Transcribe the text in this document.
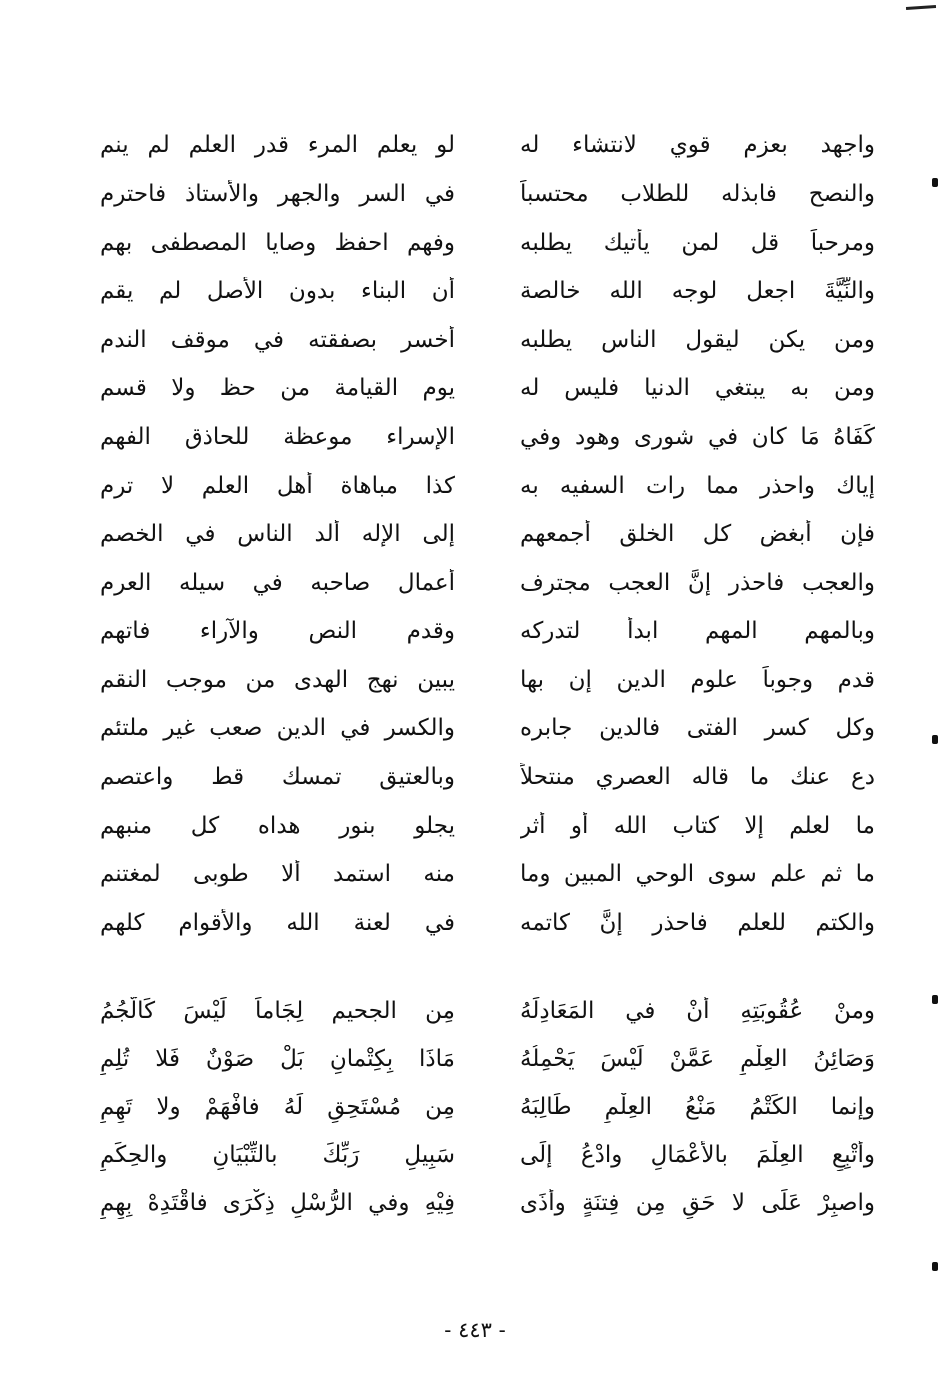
واجهد بعزم قوي لانتشاء له
لو يعلم المرء قدر العلم لم ينم
والنصح فابذله للطلاب محتسباً
في السر والجهر والأستاذ فاحترم
ومرحباً قل لمن يأتيك يطلبه
وفهم احفظ وصايا المصطفى بهم
والنِّيَّةَ اجعل لوجه الله خالصة
أن البناء بدون الأصل لم يقم
ومن يكن ليقول الناس يطلبه
أخسر بصفقته في موقف الندم
ومن به يبتغي الدنيا فليس له
يوم القيامة من حظ ولا قسم
كَفَاهُ مَا كان في شورى وهود وفي
الإسراء موعظة للحاذق الفهم
إياك واحذر مما رات السفيه به
كذا مباهاة أهل العلم لا ترم
فإن أبغض كل الخلق أجمعهم
إلى الإله ألد الناس في الخصم
والعجب فاحذر إنَّ العجب مجترف
أعمال صاحبه في سيله العرم
وبالمهم المهم ابدأ لتدركه
وقدم النص والآراء فاتهم
قدم وجوباً علوم الدين إن بها
يبين نهج الهدى من موجب النقم
وكل كسر الفتى فالدين جابره
والكسر في الدين صعب غير ملتئم
دع عنك ما قاله العصري منتحلاً
وبالعتيق تمسك قط واعتصم
ما لعلم إلا كتاب الله أو أثر
يجلو بنور هداه كل منبهم
ما ثم علم سوى الوحي المبين وما
منه استمد ألا طوبى لمغتنم
والكتم للعلم فاحذر إنَّ كاتمه
في لعنة الله والأقوام كلهم
ومنْ عُقُوبَتِهِ أنْ في المَعَادِلَهُ
مِن الجحيم لِجَاماً لَيْسَ كَالُّجُمُ
وَصَائِنُ العِلْمِ عَمَّنْ لَيْسَ يَحْمِلُهُ
مَاذَا بِكِتْمانِ بَلْ صَوْنٌ فَلا تُلِمِ
وإنما الكَتْمُ مَنْعُ العِلْمِ طَالِبَهُ
مِن مُسْتَحِقٍ لَهُ فافْهَمْ ولا تَهِمِ
وأَتْبِعِ العِلْمَ بالأعْمَالِ وادْعُ إلَى
سَبِيلِ رَبِّكَ بالتِّبْيَانِ والحِكَمِ
واصبِرْ عَلَى لا حَقٍ مِن فِتنَةٍ وأذَى
فِيْهِ وفي الرُّسْلِ ذِكْرَى فاقْتَدِهْ بِهِمِ
- ٤٤٣ -
